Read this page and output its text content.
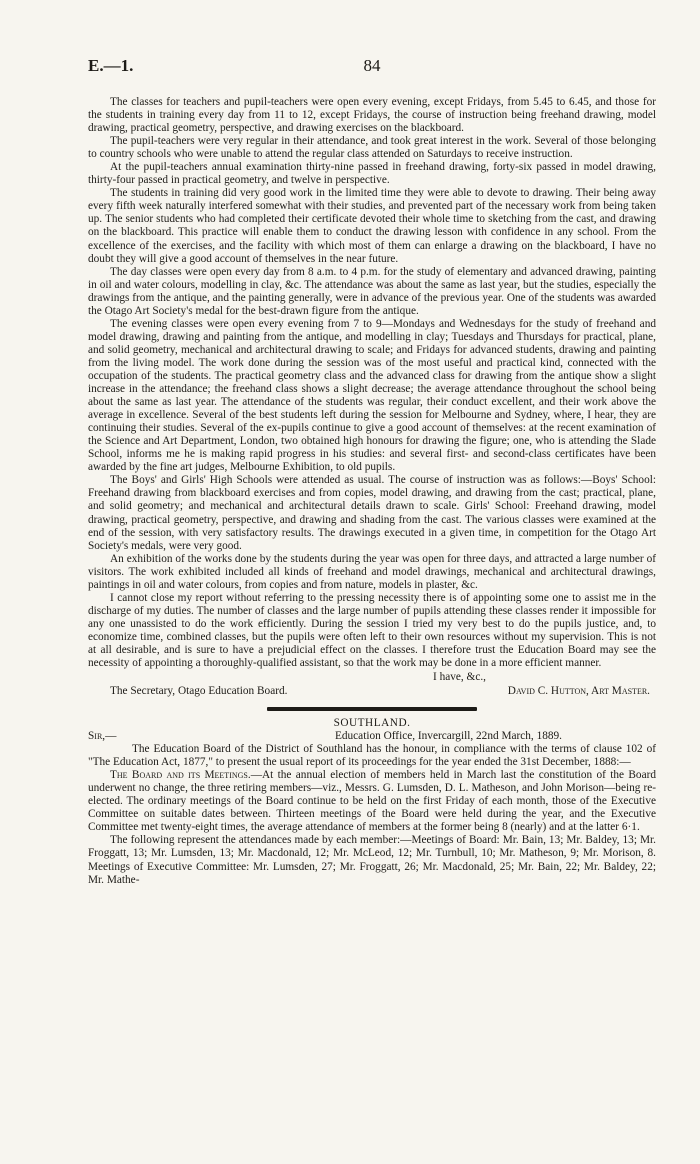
E.—1.	84

The classes for teachers and pupil-teachers were open every evening, except Fridays, from 5.45 to 6.45, and those for the students in training every day from 11 to 12, except Fridays, the course of instruction being freehand drawing, model drawing, practical geometry, perspective, and drawing exercises on the blackboard.

The pupil-teachers were very regular in their attendance, and took great interest in the work. Several of those belonging to country schools who were unable to attend the regular class attended on Saturdays to receive instruction.

At the pupil-teachers annual examination thirty-nine passed in freehand drawing, forty-six passed in model drawing, thirty-four passed in practical geometry, and twelve in perspective.

The students in training did very good work in the limited time they were able to devote to drawing. Their being away every fifth week naturally interfered somewhat with their studies, and prevented part of the necessary work from being taken up. The senior students who had completed their certificate devoted their whole time to sketching from the cast, and drawing on the blackboard. This practice will enable them to conduct the drawing lesson with confidence in any school. From the excellence of the exercises, and the facility with which most of them can enlarge a drawing on the blackboard, I have no doubt they will give a good account of themselves in the near future.

The day classes were open every day from 8 a.m. to 4 p.m. for the study of elementary and advanced drawing, painting in oil and water colours, modelling in clay, &c. The attendance was about the same as last year, but the studies, especially the drawings from the antique, and the painting generally, were in advance of the previous year. One of the students was awarded the Otago Art Society's medal for the best-drawn figure from the antique.

The evening classes were open every evening from 7 to 9—Mondays and Wednesdays for the study of freehand and model drawing, drawing and painting from the antique, and modelling in clay; Tuesdays and Thursdays for practical, plane, and solid geometry, mechanical and architectural drawing to scale; and Fridays for advanced students, drawing and painting from the living model. The work done during the session was of the most useful and practical kind, connected with the occupation of the students. The practical geometry class and the advanced class for drawing from the antique show a slight increase in the attendance; the freehand class shows a slight decrease; the average attendance throughout the school being about the same as last year. The attendance of the students was regular, their conduct excellent, and their work above the average in excellence. Several of the best students left during the session for Melbourne and Sydney, where, I hear, they are continuing their studies. Several of the ex-pupils continue to give a good account of themselves: at the recent examination of the Science and Art Department, London, two obtained high honours for drawing the figure; one, who is attending the Slade School, informs me he is making rapid progress in his studies: and several first- and second-class certificates have been awarded by the fine art judges, Melbourne Exhibition, to old pupils.

The Boys' and Girls' High Schools were attended as usual. The course of instruction was as follows:—Boys' School: Freehand drawing from blackboard exercises and from copies, model drawing, and drawing from the cast; practical, plane, and solid geometry; and mechanical and architectural details drawn to scale. Girls' School: Freehand drawing, model drawing, practical geometry, perspective, and drawing and shading from the cast. The various classes were examined at the end of the session, with very satisfactory results. The drawings executed in a given time, in competition for the Otago Art Society's medals, were very good.

An exhibition of the works done by the students during the year was open for three days, and attracted a large number of visitors. The work exhibited included all kinds of freehand and model drawings, mechanical and architectural drawings, paintings in oil and water colours, from copies and from nature, models in plaster, &c.

I cannot close my report without referring to the pressing necessity there is of appointing some one to assist me in the discharge of my duties. The number of classes and the large number of pupils attending these classes render it impossible for any one unassisted to do the work efficiently. During the session I tried my very best to do the pupils justice, and, to economize time, combined classes, but the pupils were often left to their own resources without my supervision. This is not at all desirable, and is sure to have a prejudicial effect on the classes. I therefore trust the Education Board may see the necessity of appointing a thoroughly-qualified assistant, so that the work may be done in a more efficient manner.

I have, &c.,
The Secretary, Otago Education Board.	David C. Hutton, Art Master.

SOUTHLAND.

Sir,—	Education Office, Invercargill, 22nd March, 1889.

The Education Board of the District of Southland has the honour, in compliance with the terms of clause 102 of "The Education Act, 1877," to present the usual report of its proceedings for the year ended the 31st December, 1888:—

The Board and its Meetings.—At the annual election of members held in March last the constitution of the Board underwent no change, the three retiring members—viz., Messrs. G. Lumsden, D. L. Matheson, and John Morison—being re-elected. The ordinary meetings of the Board continue to be held on the first Friday of each month, those of the Executive Committee on suitable dates between. Thirteen meetings of the Board were held during the year, and the Executive Committee met twenty-eight times, the average attendance of members at the former being 8 (nearly) and at the latter 6·1.

The following represent the attendances made by each member:—Meetings of Board: Mr. Bain, 13; Mr. Baldey, 13; Mr. Froggatt, 13; Mr. Lumsden, 13; Mr. Macdonald, 12; Mr. McLeod, 12; Mr. Turnbull, 10; Mr. Matheson, 9; Mr. Morison, 8. Meetings of Executive Committee: Mr. Lumsden, 27; Mr. Froggatt, 26; Mr. Macdonald, 25; Mr. Bain, 22; Mr. Baldey, 22; Mr. Mathe-
